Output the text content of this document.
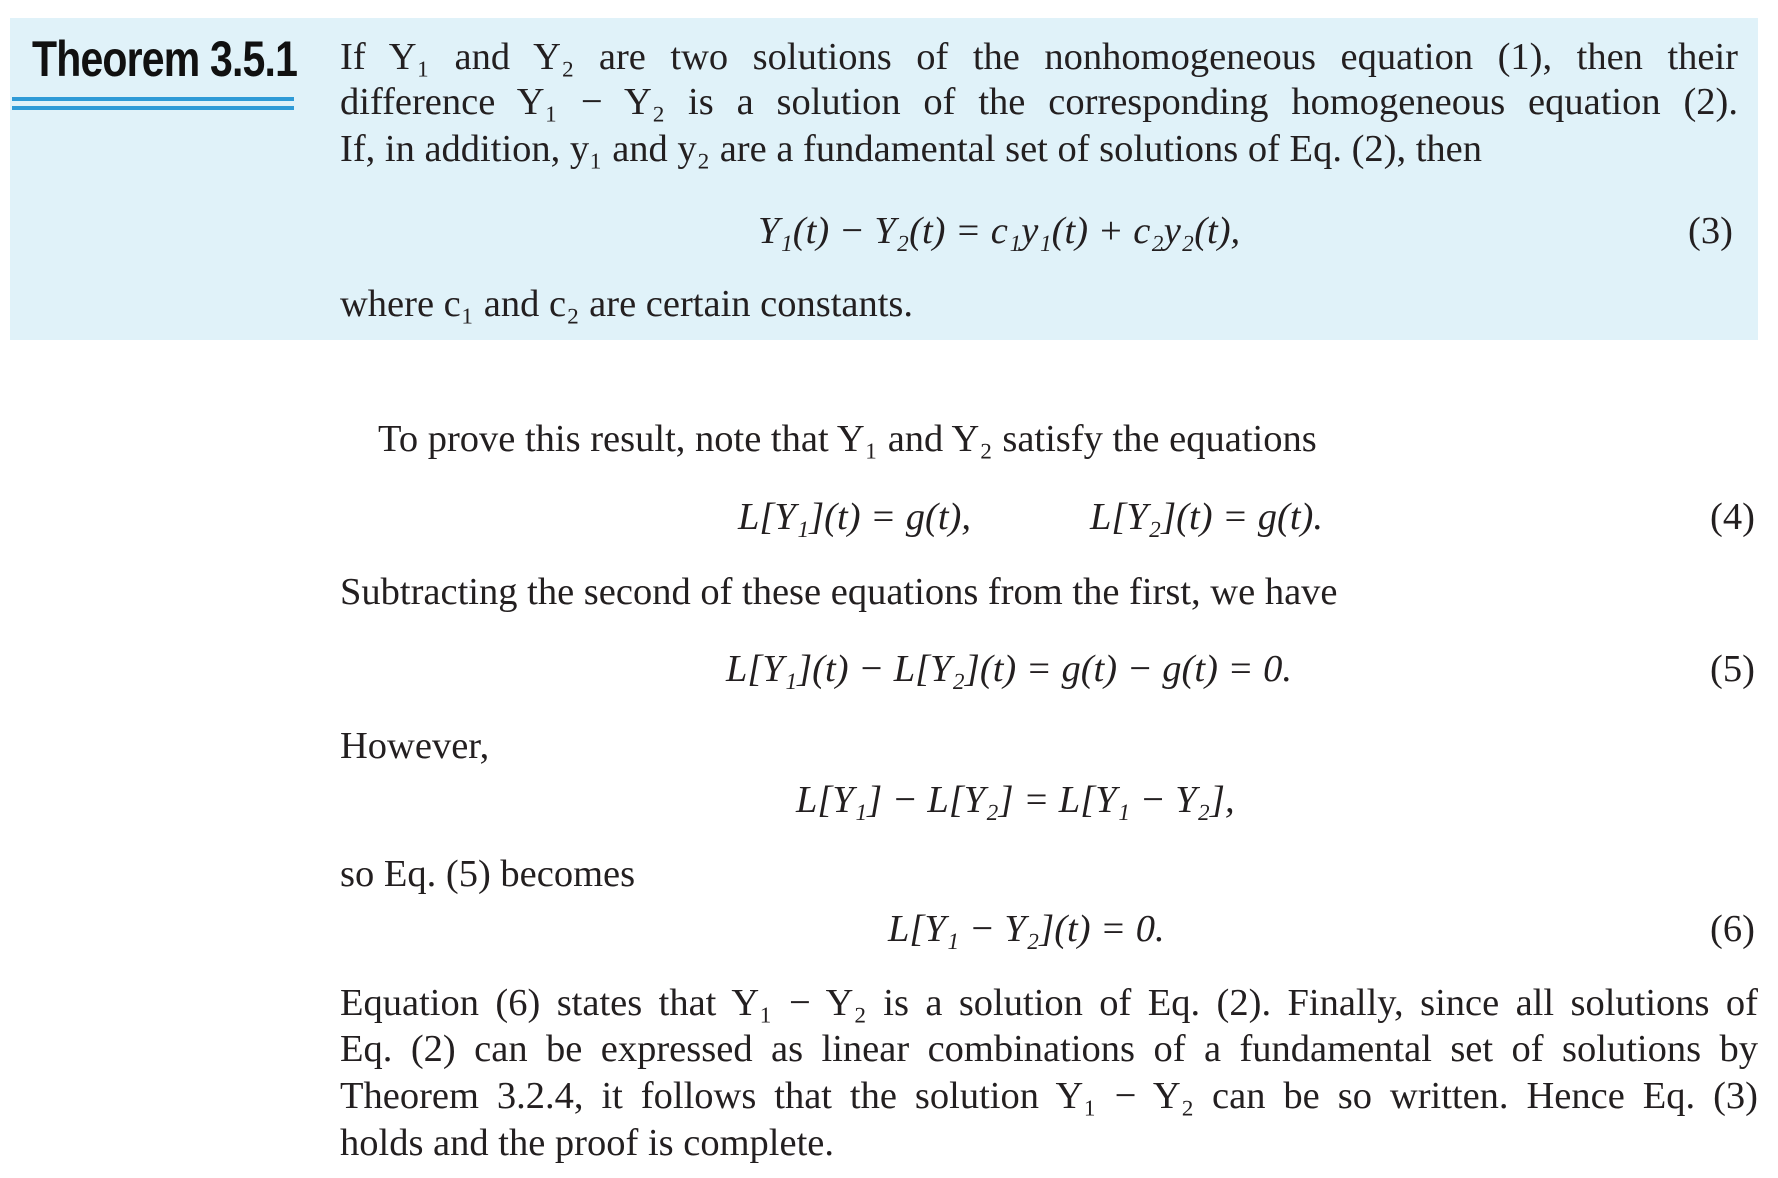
Theorem 3.5.1 If Y₁ and Y₂ are two solutions of the nonhomogeneous equation (1), then their
difference Y₁ − Y₂ is a solution of the corresponding homogeneous equation (2).
If, in addition, y₁ and y₂ are a fundamental set of solutions of Eq. (2), then
Y₁(t) − Y₂(t) = c₁y₁(t) + c₂y₂(t),	(3)
where c₁ and c₂ are certain constants.
To prove this result, note that Y₁ and Y₂ satisfy the equations
L[Y₁](t) = g(t),	L[Y₂](t) = g(t).	(4)
Subtracting the second of these equations from the first, we have
L[Y₁](t) − L[Y₂](t) = g(t) − g(t) = 0.	(5)
However,
L[Y₁] − L[Y₂] = L[Y₁ − Y₂],
so Eq. (5) becomes
L[Y₁ − Y₂](t) = 0.	(6)
Equation (6) states that Y₁ − Y₂ is a solution of Eq. (2). Finally, since all solutions of
Eq. (2) can be expressed as linear combinations of a fundamental set of solutions by
Theorem 3.2.4, it follows that the solution Y₁ − Y₂ can be so written. Hence Eq. (3)
holds and the proof is complete.
